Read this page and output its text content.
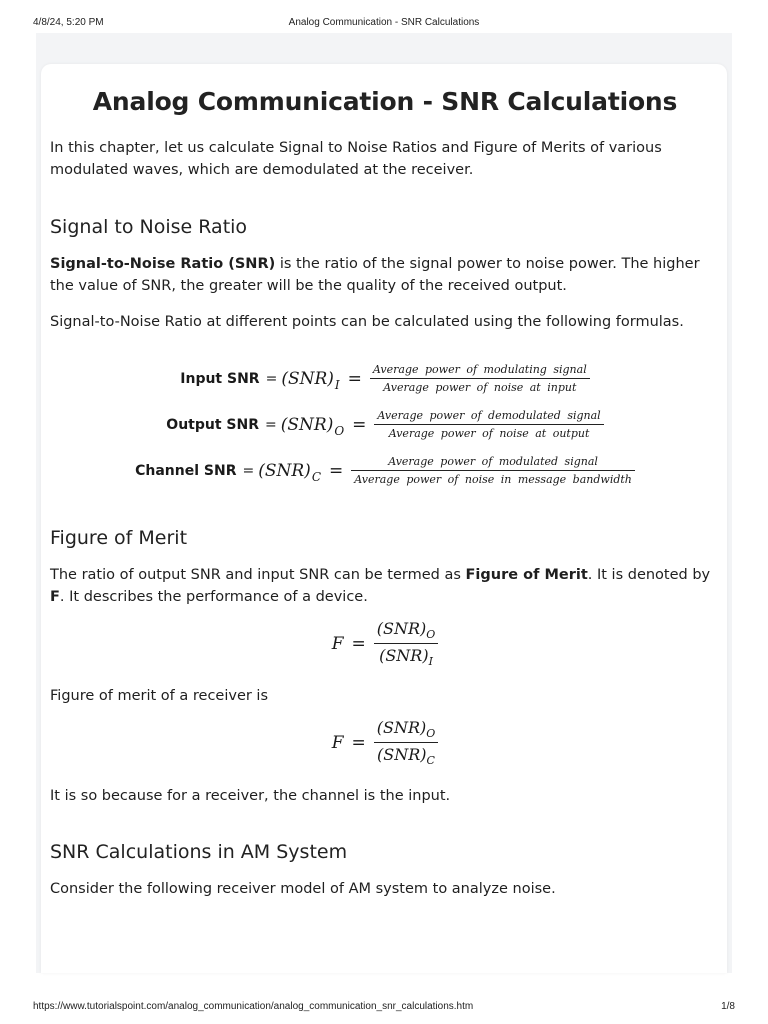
4/8/24, 5:20 PM	Analog Communication - SNR Calculations
Analog Communication - SNR Calculations

In this chapter, let us calculate Signal to Noise Ratios and Figure of Merits of various modulated waves, which are demodulated at the receiver.

Signal to Noise Ratio

Signal-to-Noise Ratio (SNR) is the ratio of the signal power to noise power. The higher the value of SNR, the greater will be the quality of the received output.

Signal-to-Noise Ratio at different points can be calculated using the following formulas.

Input SNR = (SNR) $I = \frac{\text{Average power of modulating signal}}{\text{Average power of noise at input}}$
Output SNR = (SNR) $O = \frac{\text{Average power of demodulated signal}}{\text{Average power of noise at output}}$
Channel SNR = (SNR) $C = \frac{\text{Average power of modulated signal}}{\text{Average power of noise in message bandwidth}}$
Figure of Merit

The ratio of output SNR and input SNR can be termed as Figure of Merit. It is denoted by F. It describes the performance of a device.

$F = \frac{(SNR)_O}{(SNR)_I}$

Figure of merit of a receiver is

$F = \frac{(SNR)_O}{(SNR)_C}$

It is so because for a receiver, the channel is the input.

SNR Calculations in AM System

Consider the following receiver model of AM system to analyze noise.

https://www.tutorialspoint.com/analog_communication/analog_communication_snr_calculations.htm	1/8
